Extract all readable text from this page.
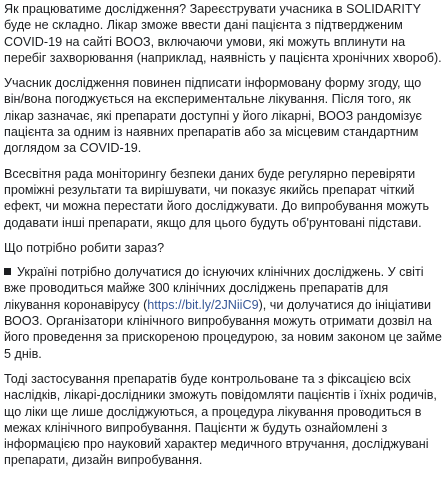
Як працюватиме дослідження? Зареєструвати учасника в SOLIDARITY буде не складно. Лікар зможе ввести дані пацієнта з підтвердженим COVID-19 на сайті ВООЗ, включаючи умови, які можуть вплинути на перебіг захворювання (наприклад, наявність у пацієнта хронічних хвороб).

Учасник дослідження повинен підписати інформовану форму згоду, що він/вона погоджується на експериментальне лікування. Після того, як лікар зазначає, які препарати доступні у його лікарні, ВООЗ рандомізує пацієнта за одним із наявних препаратів або за місцевим стандартним доглядом за COVID-19.

Всесвітня рада моніторингу безпеки даних буде регулярно перевіряти проміжні результати та вирішувати, чи показує якийсь препарат чіткий ефект, чи можна перестати його досліджувати. До випробування можуть додавати інші препарати, якщо для цього будуть об'рунтовані підстави.

Що потрібно робити зараз?

Україні потрібно долучатися до існуючих клінічних досліджень. У світі вже проводиться майже 300 клінічних досліджень препаратів для лікування коронавірусу (https://bit.ly/2JNiiC9), чи долучатися до ініціативи ВООЗ. Організатори клінічного випробування можуть отримати дозвіл на його проведення за прискореною процедурою, за новим законом це займе 5 днів.

Тоді застосування препаратів буде контрольоване та з фіксацією всіх наслідків, лікарі-дослідники зможуть повідомляти пацієнтів і їхніх родичів, що ліки ще лише досліджуються, а процедура лікування проводиться в межах клінічного випробування. Пацієнти ж будуть ознайомлені з інформацією про науковий характер медичного втручання, досліджувані препарати, дизайн випробування.
